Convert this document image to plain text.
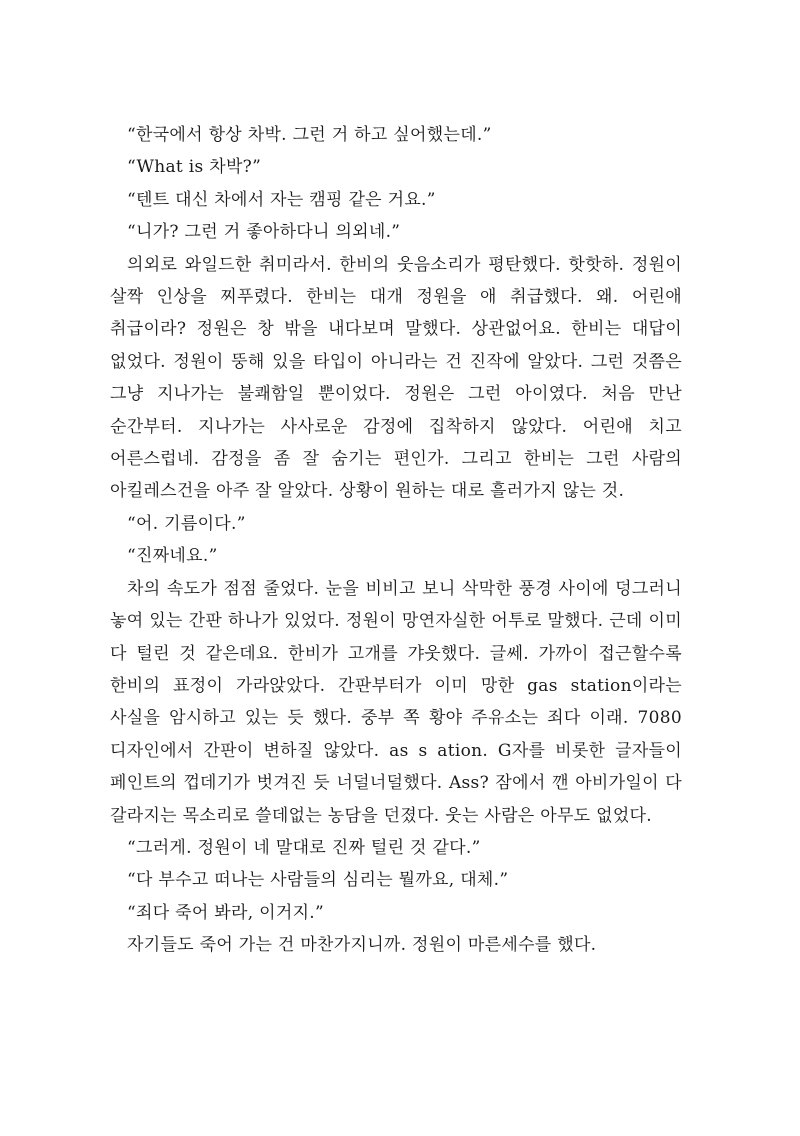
“한국에서 항상 차박. 그런 거 하고 싶어했는데.”

“What is 차박?”

“텐트 대신 차에서 자는 캠핑 같은 거요.”

“니가? 그런 거 좋아하다니 의외네.”

의외로 와일드한 취미라서. 한비의 웃음소리가 평탄했다. 핫핫하. 정원이 살짝 인상을 찌푸렸다. 한비는 대개 정원을 애 취급했다. 왜. 어린애 취급이라? 정원은 창 밖을 내다보며 말했다. 상관없어요. 한비는 대답이 없었다. 정원이 뚱해 있을 타입이 아니라는 건 진작에 알았다. 그런 것쯤은 그냥 지나가는 불쾌함일 뿐이었다. 정원은 그런 아이였다. 처음 만난 순간부터. 지나가는 사사로운 감정에 집착하지 않았다. 어린애 치고 어른스럽네. 감정을 좀 잘 숨기는 편인가. 그리고 한비는 그런 사람의 아킬레스건을 아주 잘 알았다. 상황이 원하는 대로 흘러가지 않는 것.

“어. 기름이다.”

“진짜네요.”

차의 속도가 점점 줄었다. 눈을 비비고 보니 삭막한 풍경 사이에 덩그러니 놓여 있는 간판 하나가 있었다. 정원이 망연자실한 어투로 말했다. 근데 이미 다 털린 것 같은데요. 한비가 고개를 갸웃했다. 글쎄. 가까이 접근할수록 한비의 표정이 가라앉았다. 간판부터가 이미 망한 gas station이라는 사실을 암시하고 있는 듯 했다. 중부 쪽 황야 주유소는 죄다 이래. 7080 디자인에서 간판이 변하질 않았다. as s ation. G자를 비롯한 글자들이 페인트의 껍데기가 벗겨진 듯 너덜너덜했다. Ass? 잠에서 깬 아비가일이 다 갈라지는 목소리로 쓸데없는 농담을 던졌다. 웃는 사람은 아무도 없었다.

“그러게. 정원이 네 말대로 진짜 털린 것 같다.”

“다 부수고 떠나는 사람들의 심리는 뭘까요, 대체.”

“죄다 죽어 봐라, 이거지.”

자기들도 죽어 가는 건 마찬가지니까. 정원이 마른세수를 했다.
